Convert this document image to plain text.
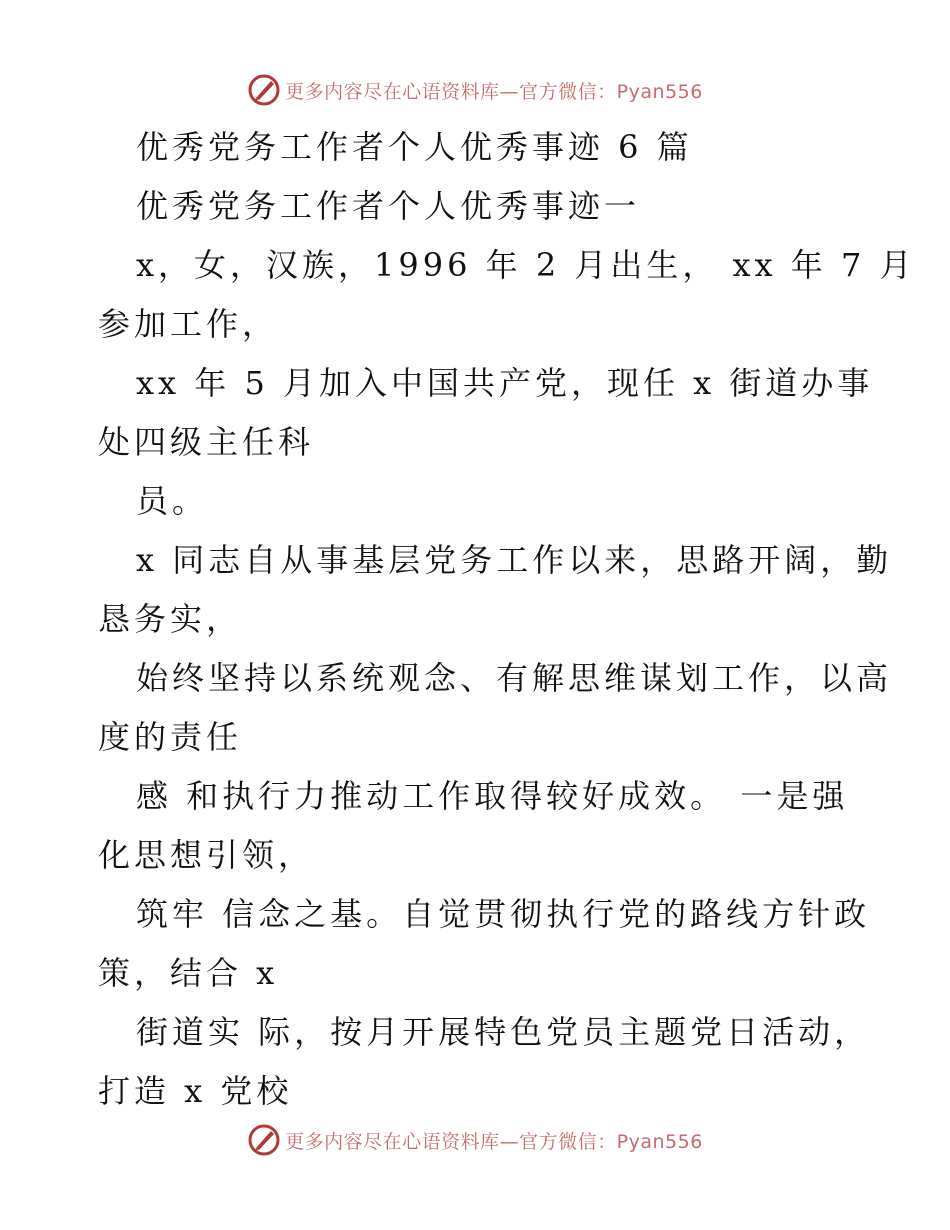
更多内容尽在心语资料库—官方微信：Pyan556
优秀党务工作者个人优秀事迹 6 篇
优秀党务工作者个人优秀事迹一
x，女，汉族，1996 年 2 月出生， xx 年 7 月
参加工作，
xx 年 5 月加入中国共产党，现任 x 街道办事
处四级主任科
员。
x 同志自从事基层党务工作以来，思路开阔，勤
恳务实，
始终坚持以系统观念、有解思维谋划工作，以高
度的责任
感 和执行力推动工作取得较好成效。 一是强
化思想引领，
筑牢 信念之基。自觉贯彻执行党的路线方针政
策，结合 x
街道实 际，按月开展特色党员主题党日活动，
打造 x 党校
更多内容尽在心语资料库—官方微信：Pyan556
